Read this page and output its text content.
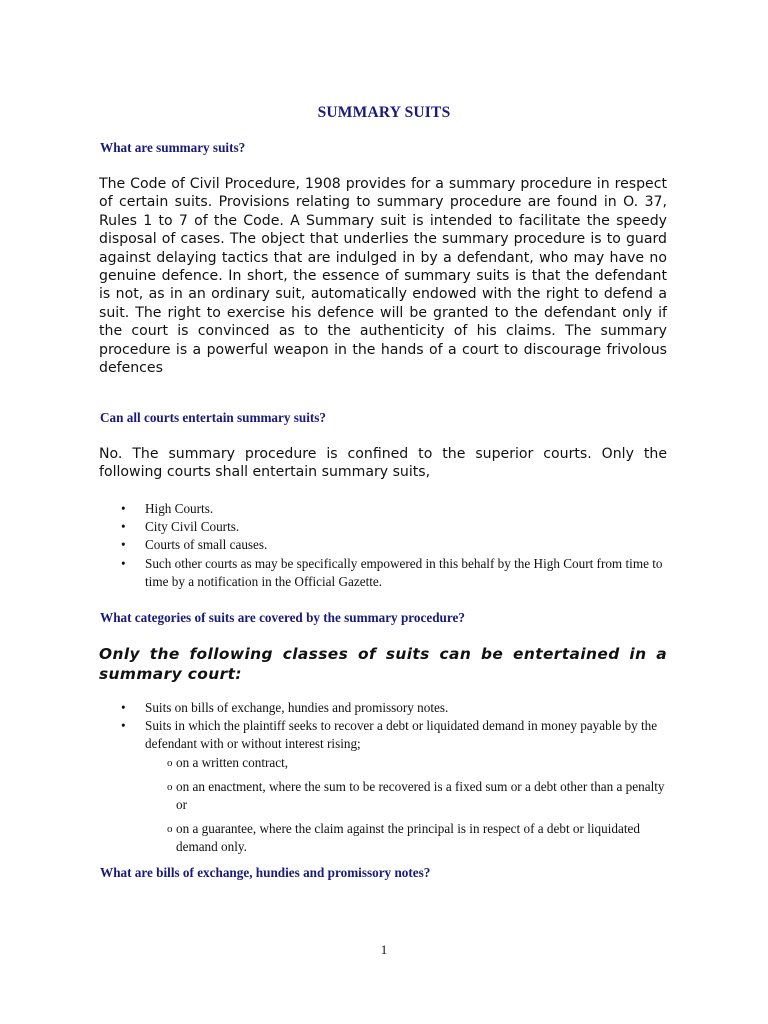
SUMMARY SUITS
What are summary suits?
The Code of Civil Procedure, 1908 provides for a summary procedure in respect of certain suits. Provisions relating to summary procedure are found in O. 37, Rules 1 to 7 of the Code. A Summary suit is intended to facilitate the speedy disposal of cases. The object that underlies the summary procedure is to guard against delaying tactics that are indulged in by a defendant, who may have no genuine defence. In short, the essence of summary suits is that the defendant is not, as in an ordinary suit, automatically endowed with the right to defend a suit. The right to exercise his defence will be granted to the defendant only if the court is convinced as to the authenticity of his claims. The summary procedure is a powerful weapon in the hands of a court to discourage frivolous defences
Can all courts entertain summary suits?
No. The summary procedure is confined to the superior courts. Only the following courts shall entertain summary suits,
• High Courts.
• City Civil Courts.
• Courts of small causes.
• Such other courts as may be specifically empowered in this behalf by the High Court from time to time by a notification in the Official Gazette.
What categories of suits are covered by the summary procedure?
Only the following classes of suits can be entertained in a summary court:
• Suits on bills of exchange, hundies and promissory notes.
• Suits in which the plaintiff seeks to recover a debt or liquidated demand in money payable by the defendant with or without interest rising;
o on a written contract,
o on an enactment, where the sum to be recovered is a fixed sum or a debt other than a penalty or
o on a guarantee, where the claim against the principal is in respect of a debt or liquidated demand only.
What are bills of exchange, hundies and promissory notes?
1
